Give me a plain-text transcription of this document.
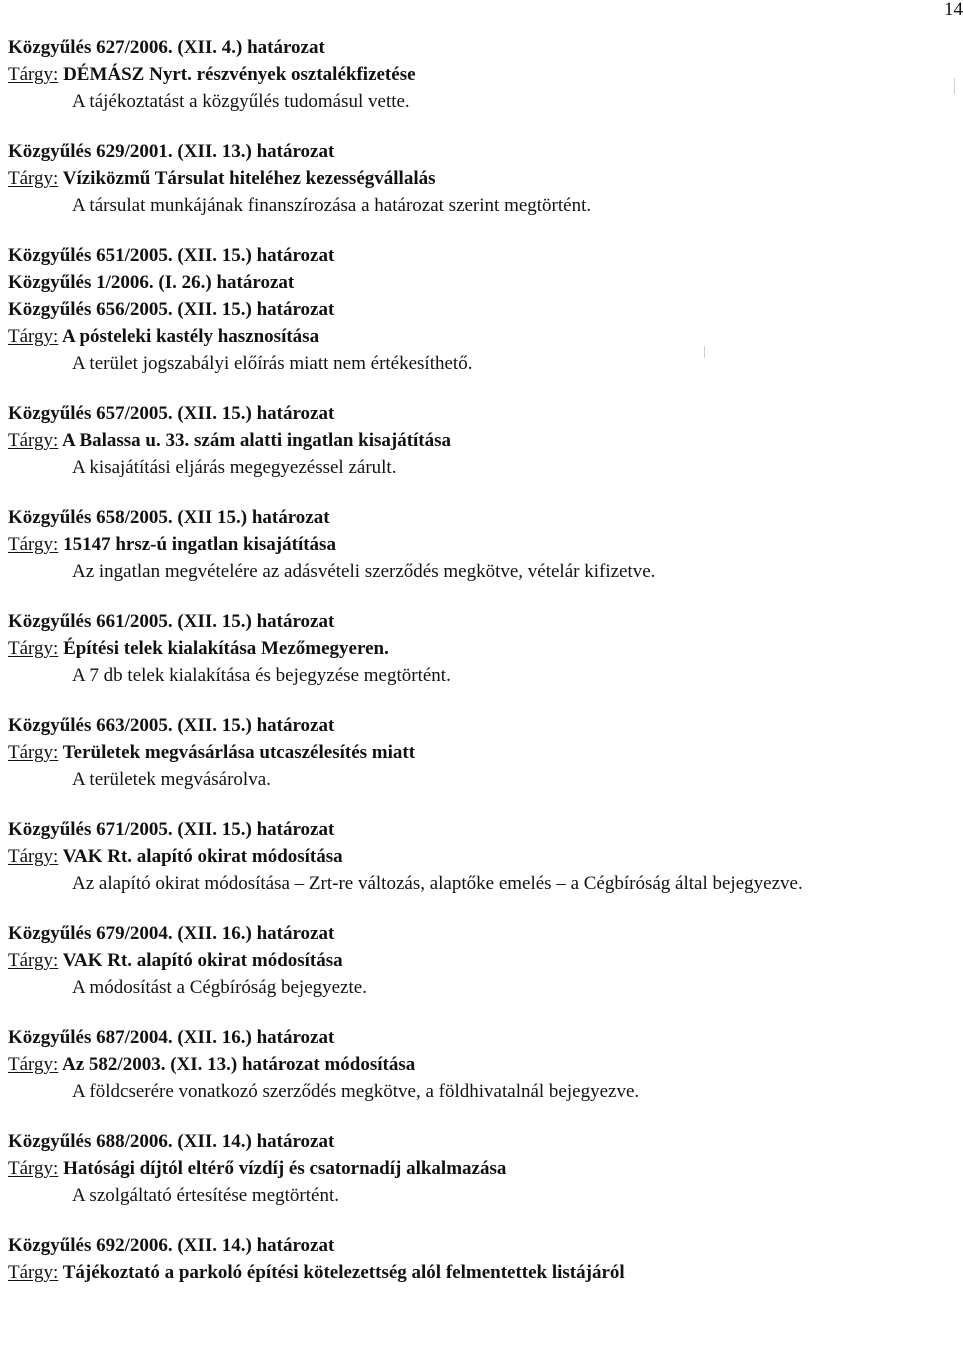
14
Közgyűlés 627/2006. (XII. 4.) határozat
Tárgy: DÉMÁSZ Nyrt. részvények osztalékfizetése
A tájékoztatást a közgyűlés tudomásul vette.
Közgyűlés 629/2001. (XII. 13.) határozat
Tárgy: Víziközmű Társulat hiteléhez kezességvállalás
A társulat munkájának finanszírozása a határozat szerint megtörtént.
Közgyűlés 651/2005. (XII. 15.) határozat
Közgyűlés 1/2006. (I. 26.) határozat
Közgyűlés 656/2005. (XII. 15.) határozat
Tárgy: A pósteleki kastély hasznosítása
A terület jogszabályi előírás miatt nem értékesíthető.
Közgyűlés 657/2005. (XII. 15.) határozat
Tárgy: A Balassa u. 33. szám alatti ingatlan kisajátítása
A kisajátítási eljárás megegyezéssel zárult.
Közgyűlés 658/2005. (XII 15.) határozat
Tárgy: 15147 hrsz-ú ingatlan kisajátítása
Az ingatlan megvételére az adásvételi szerződés megkötve, vételár kifizetve.
Közgyűlés 661/2005. (XII. 15.) határozat
Tárgy: Építési telek kialakítása Mezőmegyeren.
A 7 db telek kialakítása és bejegyzése megtörtént.
Közgyűlés 663/2005. (XII. 15.) határozat
Tárgy: Területek megvásárlása utcaszélesítés miatt
A területek megvásárolva.
Közgyűlés 671/2005. (XII. 15.) határozat
Tárgy: VAK Rt. alapító okirat módosítása
Az alapító okirat módosítása – Zrt-re változás, alaptőke emelés – a Cégbíróság által bejegyezve.
Közgyűlés 679/2004. (XII. 16.) határozat
Tárgy: VAK Rt. alapító okirat módosítása
A módosítást a Cégbíróság bejegyezte.
Közgyűlés 687/2004. (XII. 16.) határozat
Tárgy: Az 582/2003. (XI. 13.) határozat módosítása
A földcserére vonatkozó szerződés megkötve, a földhivatalnál bejegyezve.
Közgyűlés 688/2006. (XII. 14.) határozat
Tárgy: Hatósági díjtól eltérő vízdíj és csatornadíj alkalmazása
A szolgáltató értesítése megtörtént.
Közgyűlés 692/2006. (XII. 14.) határozat
Tárgy: Tájékoztató a parkoló építési kötelezettség alól felmentettek listájáról
